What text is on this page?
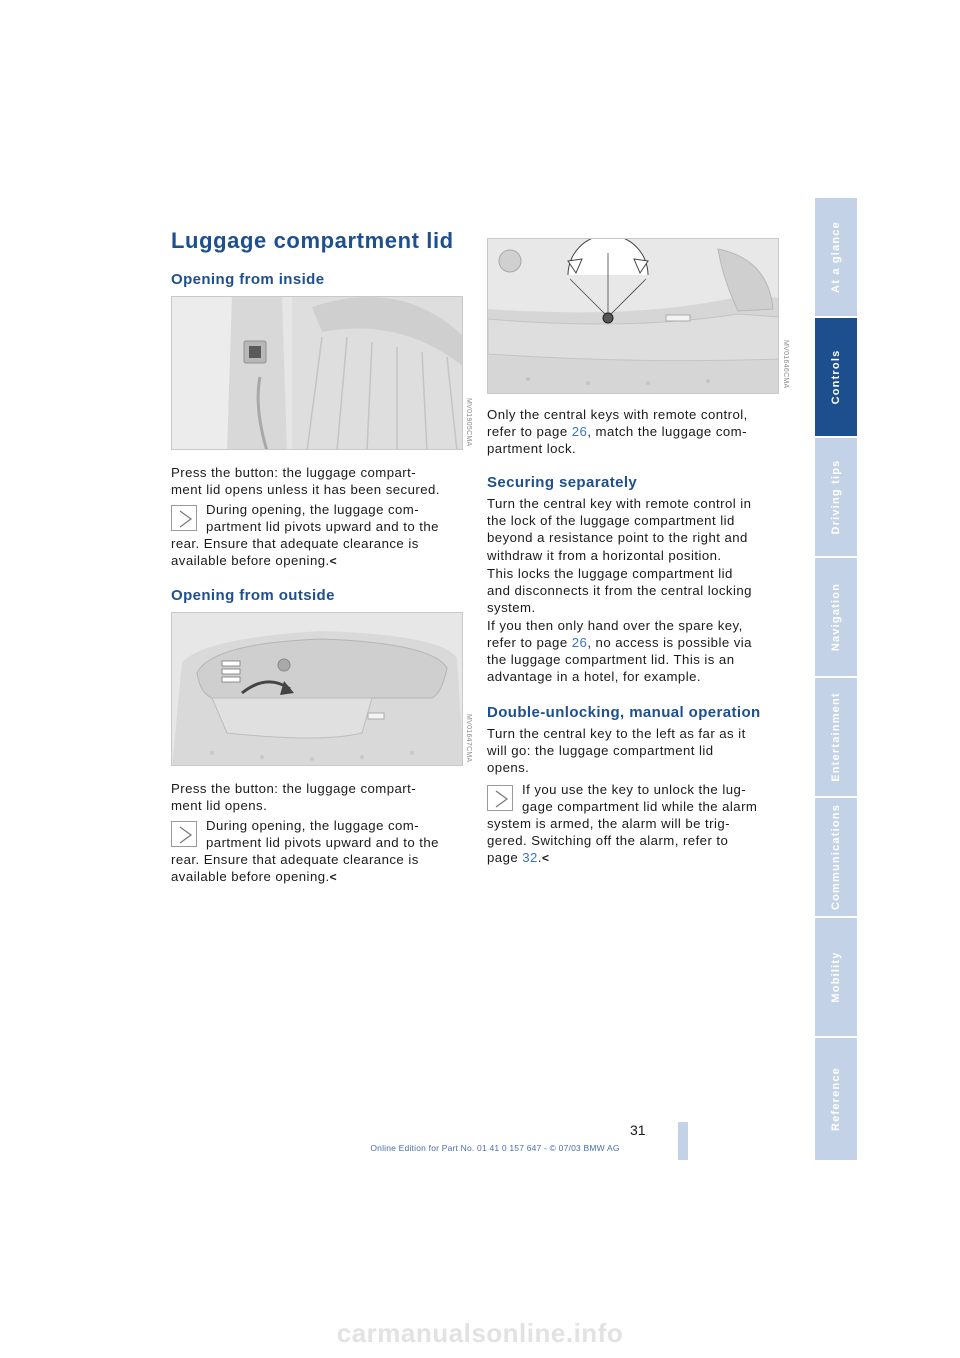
Luggage compartment lid
Opening from inside
MV01905CMA

Press the button: the luggage compart-
ment lid opens unless it has been secured.

During opening, the luggage com-
partment lid pivots upward and to the

rear. Ensure that adequate clearance is
available before opening.<

Opening from outside
MV01647CMA

Press the button: the luggage compart-
ment lid opens.

During opening, the luggage com-
partment lid pivots upward and to the

rear. Ensure that adequate clearance is
available before opening.<

MV01646CMA

Only the central keys with remote control,
refer to page 26, match the luggage com-
partment lock.

Securing separately

Turn the central key with remote control in
the lock of the luggage compartment lid
beyond a resistance point to the right and
withdraw it from a horizontal position.

This locks the luggage compartment lid
and disconnects it from the central locking
system.
If you then only hand over the spare key,
refer to page 26, no access is possible via
the luggage compartment lid. This is an
advantage in a hotel, for example.

Double-unlocking, manual operation

Turn the central key to the left as far as it
will go: the luggage compartment lid
opens.

If you use the key to unlock the lug-
gage compartment lid while the alarm

system is armed, the alarm will be trig-
gered. Switching off the alarm, refer to
page 32.<

At a glance
Controls
Driving tips
Navigation
Entertainment
Communications
Mobility
Reference
31
Online Edition for Part No. 01 41 0 157 647 - © 07/03 BMW AG
carmanualsonline.info
